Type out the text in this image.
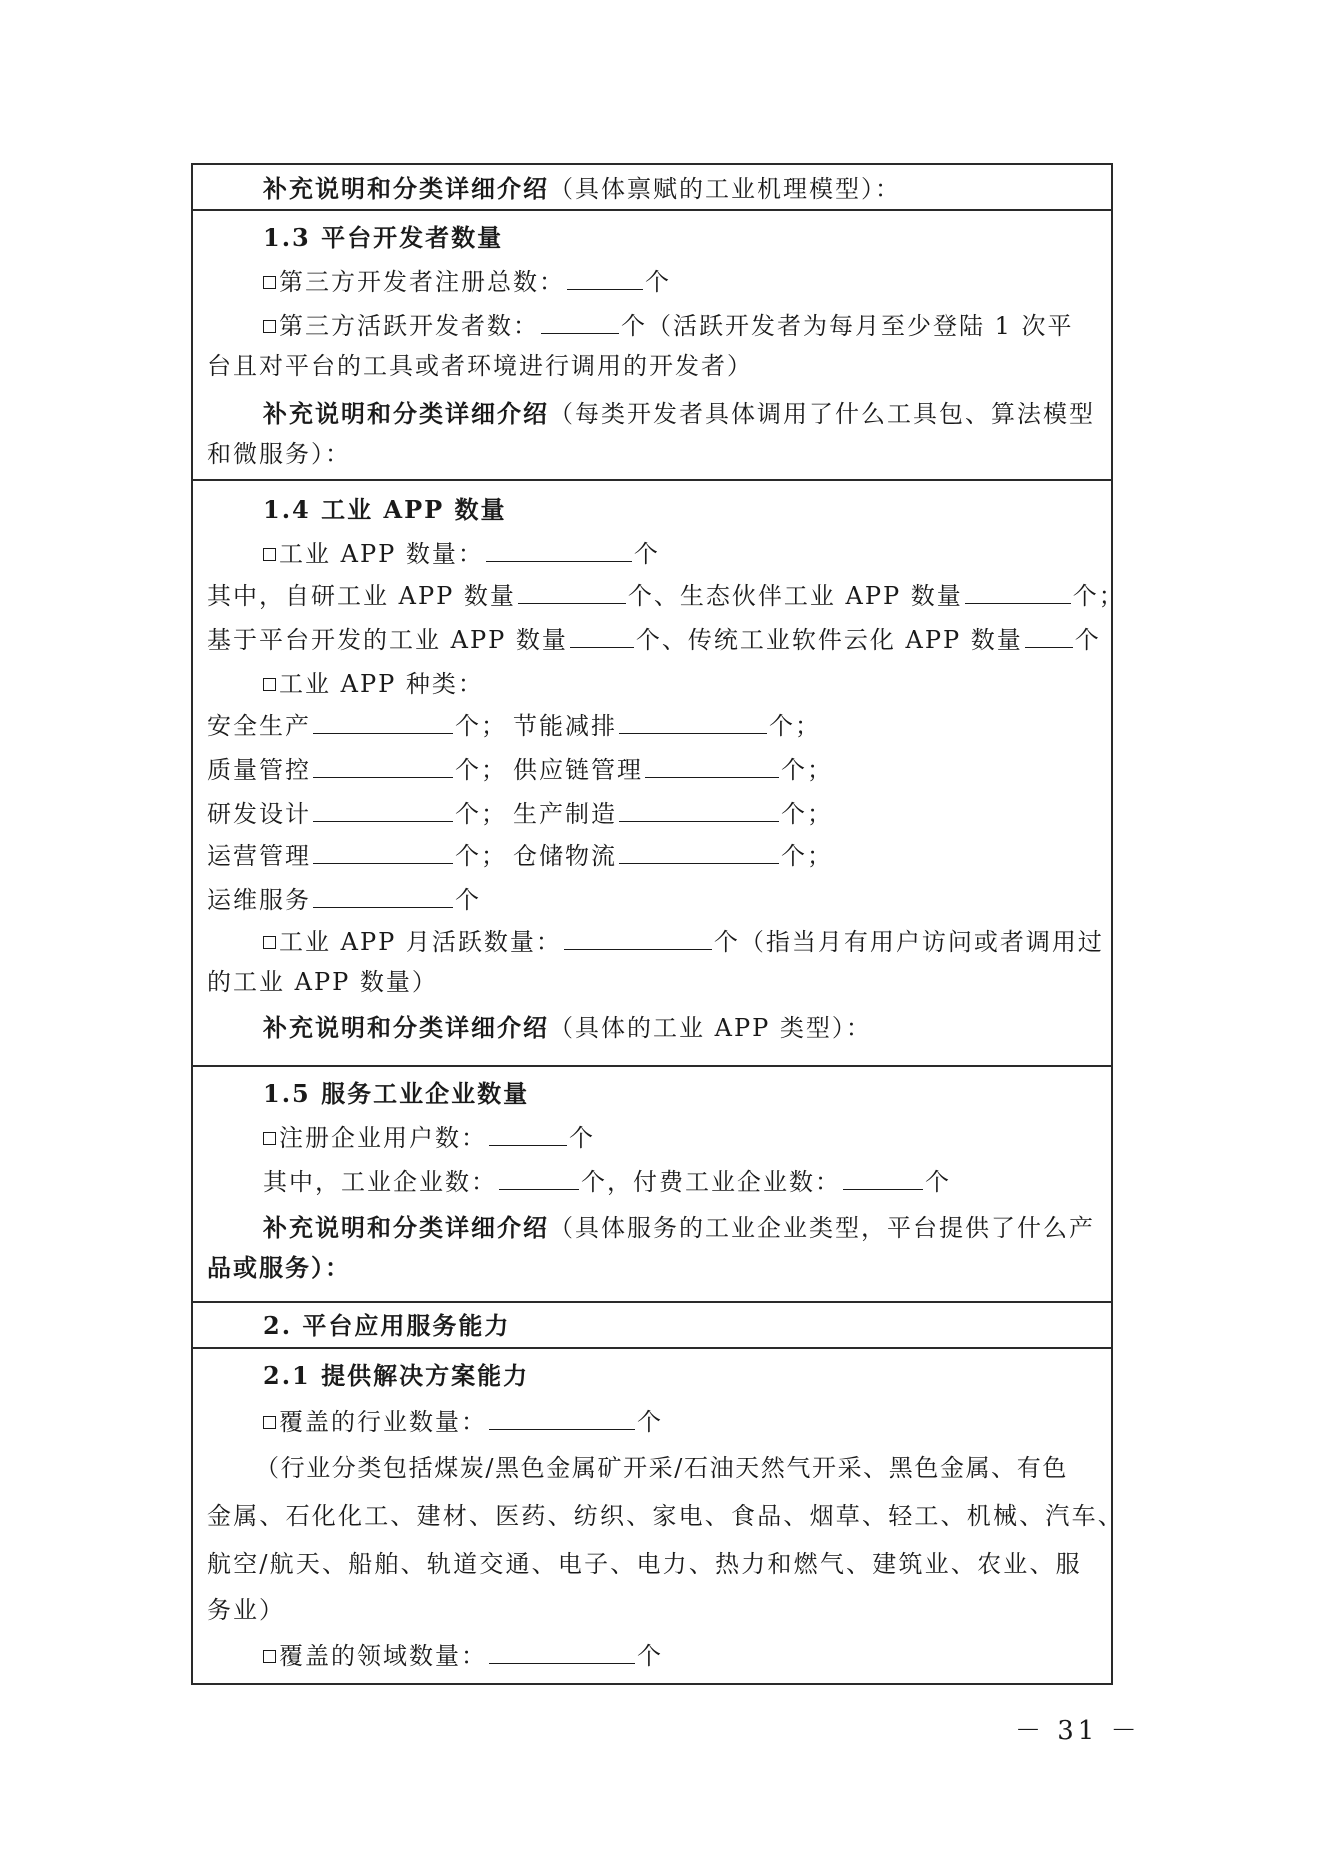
补充说明和分类详细介绍（具体禀赋的工业机理模型）：
1.3 平台开发者数量
第三方开发者注册总数：	个
第三方活跃开发者数：	个（活跃开发者为每月至少登陆 1 次平
台且对平台的工具或者环境进行调用的开发者）
补充说明和分类详细介绍（每类开发者具体调用了什么工具包、算法模型
和微服务）：
1.4 工业 APP 数量
工业 APP 数量：	个
其中，自研工业 APP 数量	个、生态伙伴工业 APP 数量	个；
基于平台开发的工业 APP 数量	个、传统工业软件云化 APP 数量 个
工业 APP 种类：
安全生产	个； 节能减排	个；
质量管控	个； 供应链管理	个；
研发设计	个； 生产制造	个；
运营管理	个； 仓储物流	个；
运维服务	个
工业 APP 月活跃数量：	个（指当月有用户访问或者调用过
的工业 APP 数量）
补充说明和分类详细介绍（具体的工业 APP 类型）：
1.5 服务工业企业数量
注册企业用户数：	个
其中，工业企业数：	个，付费工业企业数：	个
补充说明和分类详细介绍（具体服务的工业企业类型，平台提供了什么产
品或服务）：
2. 平台应用服务能力
2.1 提供解决方案能力
覆盖的行业数量：	个
（行业分类包括煤炭/黑色金属矿开采/石油天然气开采、黑色金属、有色
金属、石化化工、建材、医药、纺织、家电、食品、烟草、轻工、机械、汽车、
航空/航天、船舶、轨道交通、电子、电力、热力和燃气、建筑业、农业、服
务业）
覆盖的领域数量：	个
－ 31 －
